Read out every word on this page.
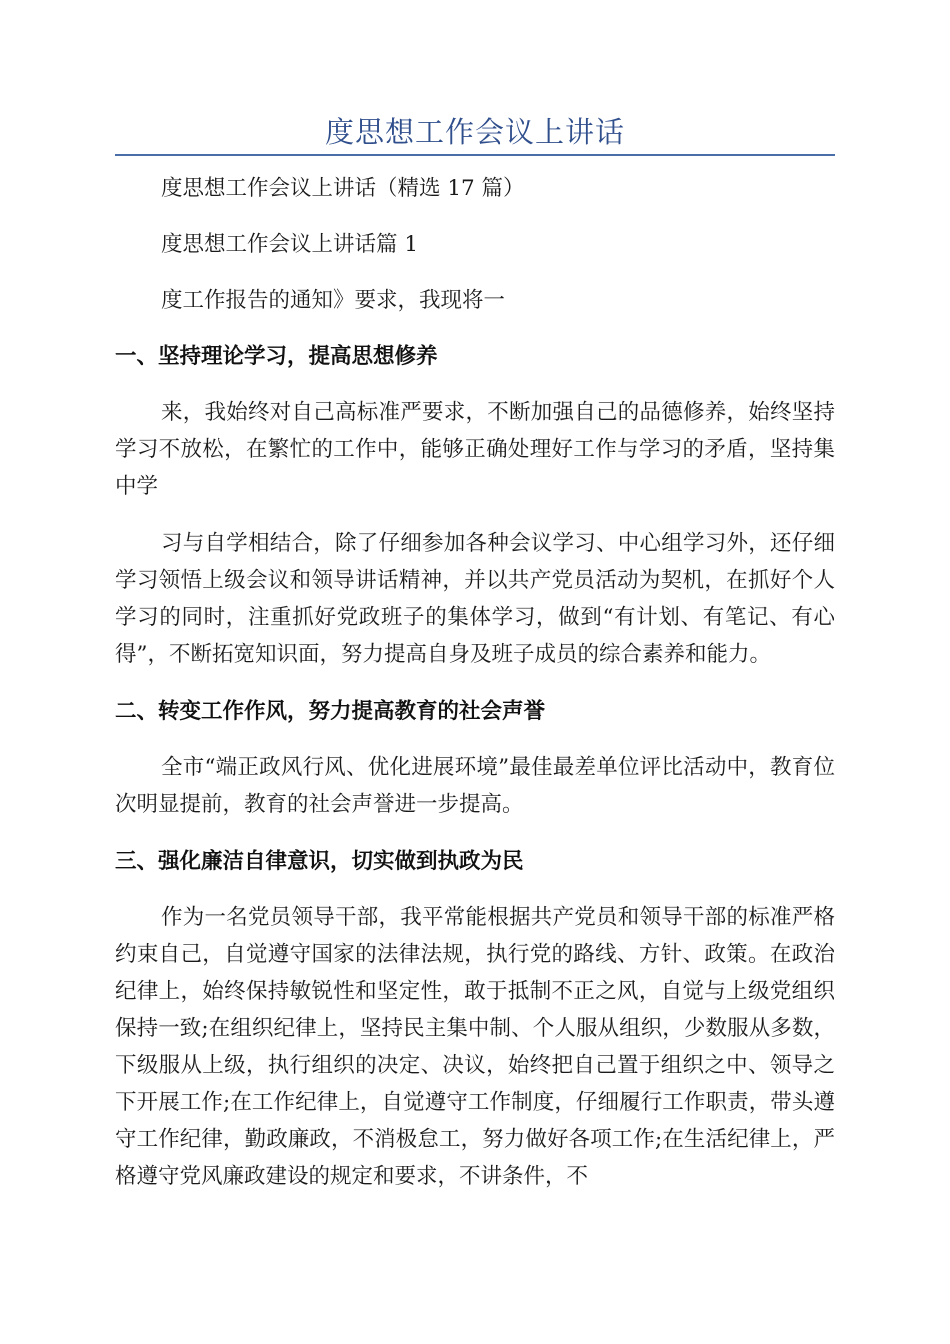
度思想工作会议上讲话

度思想工作会议上讲话（精选 17 篇）

度思想工作会议上讲话篇 1

度工作报告的通知》要求，我现将一

一、坚持理论学习，提高思想修养

来，我始终对自己高标准严要求，不断加强自己的品德修养，始终坚持学习不放松，在繁忙的工作中，能够正确处理好工作与学习的矛盾，坚持集中学

习与自学相结合，除了仔细参加各种会议学习、中心组学习外，还仔细学习领悟上级会议和领导讲话精神，并以共产党员活动为契机，在抓好个人学习的同时，注重抓好党政班子的集体学习，做到“有计划、有笔记、有心得”，不断拓宽知识面，努力提高自身及班子成员的综合素养和能力。

二、转变工作作风，努力提高教育的社会声誉

全市“端正政风行风、优化进展环境”最佳最差单位评比活动中，教育位次明显提前，教育的社会声誉进一步提高。

三、强化廉洁自律意识，切实做到执政为民

作为一名党员领导干部，我平常能根据共产党员和领导干部的标准严格约束自己，自觉遵守国家的法律法规，执行党的路线、方针、政策。在政治纪律上，始终保持敏锐性和坚定性，敢于抵制不正之风，自觉与上级党组织保持一致;在组织纪律上，坚持民主集中制、个人服从组织，少数服从多数，下级服从上级，执行组织的决定、决议，始终把自己置于组织之中、领导之下开展工作;在工作纪律上，自觉遵守工作制度，仔细履行工作职责，带头遵守工作纪律，勤政廉政，不消极怠工，努力做好各项工作;在生活纪律上，严格遵守党风廉政建设的规定和要求，不讲条件，不
